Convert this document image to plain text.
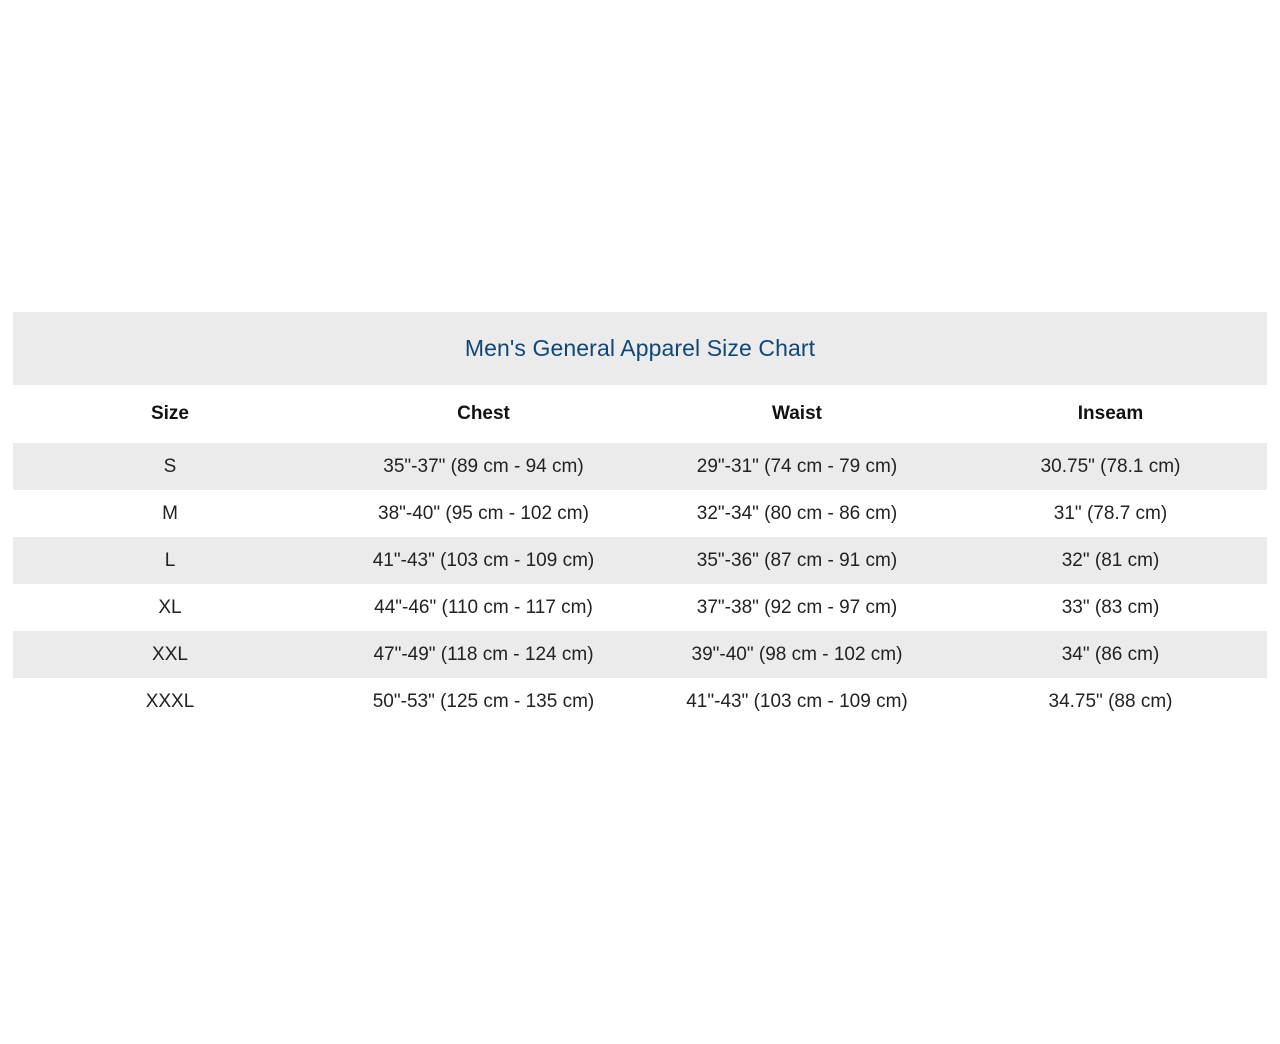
Men's General Apparel Size Chart
Size	Chest	Waist	Inseam
S	35"-37" (89 cm - 94 cm)	29"-31" (74 cm - 79 cm)	30.75" (78.1 cm)
M	38"-40" (95 cm - 102 cm)	32"-34" (80 cm - 86 cm)	31" (78.7 cm)
L	41"-43" (103 cm - 109 cm)	35"-36" (87 cm - 91 cm)	32" (81 cm)
XL	44"-46" (110 cm - 117 cm)	37"-38" (92 cm - 97 cm)	33" (83 cm)
XXL	47"-49" (118 cm - 124 cm)	39"-40" (98 cm - 102 cm)	34" (86 cm)
XXXL	50"-53" (125 cm - 135 cm)	41"-43" (103 cm - 109 cm)	34.75" (88 cm)
